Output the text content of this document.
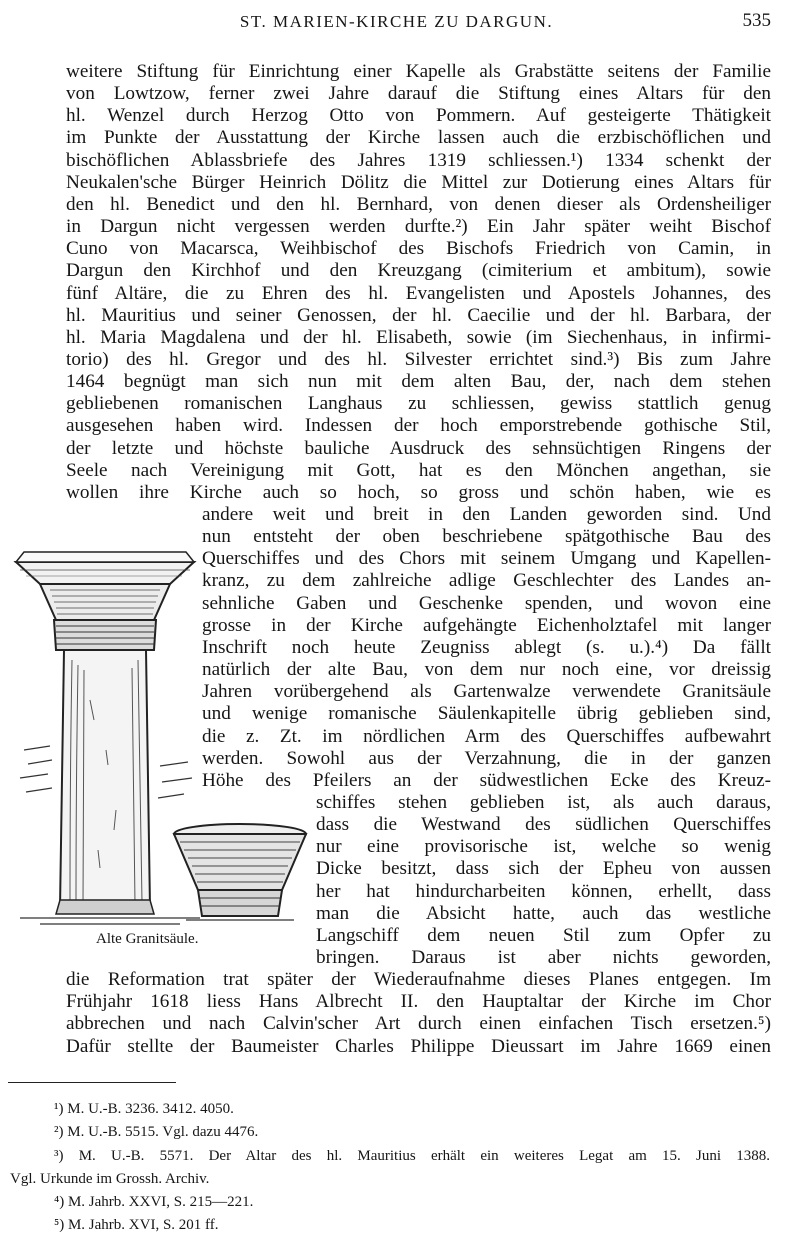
ST. MARIEN-KIRCHE ZU DARGUN.	535
weitere Stiftung für Einrichtung einer Kapelle als Grabstätte seitens der Familie
von Lowtzow, ferner zwei Jahre darauf die Stiftung eines Altars für den
hl. Wenzel durch Herzog Otto von Pommern. Auf gesteigerte Thätigkeit
im Punkte der Ausstattung der Kirche lassen auch die erzbischöflichen und
bischöflichen Ablassbriefe des Jahres 1319 schliessen.¹) 1334 schenkt der
Neukalen'sche Bürger Heinrich Dölitz die Mittel zur Dotierung eines Altars für
den hl. Benedict und den hl. Bernhard, von denen dieser als Ordensheiliger
in Dargun nicht vergessen werden durfte.²) Ein Jahr später weiht Bischof
Cuno von Macarsca, Weihbischof des Bischofs Friedrich von Camin, in
Dargun den Kirchhof und den Kreuzgang (cimiterium et ambitum), sowie
fünf Altäre, die zu Ehren des hl. Evangelisten und Apostels Johannes, des
hl. Mauritius und seiner Genossen, der hl. Caecilie und der hl. Barbara, der
hl. Maria Magdalena und der hl. Elisabeth, sowie (im Siechenhaus, in infirmi-
torio) des hl. Gregor und des hl. Silvester errichtet sind.³) Bis zum Jahre
1464 begnügt man sich nun mit dem alten Bau, der, nach dem stehen
gebliebenen romanischen Langhaus zu schliessen, gewiss stattlich genug
ausgesehen haben wird. Indessen der hoch emporstrebende gothische Stil,
der letzte und höchste bauliche Ausdruck des sehnsüchtigen Ringens der
Seele nach Vereinigung mit Gott, hat es den Mönchen angethan, sie
wollen ihre Kirche auch so hoch, so gross und schön haben, wie es
andere weit und breit in den Landen geworden sind. Und
nun entsteht der oben beschriebene spätgothische Bau des
Querschiffes und des Chors mit seinem Umgang und Kapellen-
kranz, zu dem zahlreiche adlige Geschlechter des Landes an-
sehnliche Gaben und Geschenke spenden, und wovon eine
grosse in der Kirche aufgehängte Eichenholztafel mit langer
Inschrift noch heute Zeugniss ablegt (s. u.).⁴) Da fällt
natürlich der alte Bau, von dem nur noch eine, vor dreissig
Jahren vorübergehend als Gartenwalze verwendete Granitsäule
und wenige romanische Säulenkapitelle übrig geblieben sind,
die z. Zt. im nördlichen Arm des Querschiffes aufbewahrt
werden. Sowohl aus der Verzahnung, die in der ganzen
Höhe des Pfeilers an der südwestlichen Ecke des Kreuz-
schiffes stehen geblieben ist, als auch daraus,
dass die Westwand des südlichen Querschiffes
nur eine provisorische ist, welche so wenig
Dicke besitzt, dass sich der Epheu von aussen
her hat hindurcharbeiten können, erhellt, dass
man die Absicht hatte, auch das westliche
Langschiff dem neuen Stil zum Opfer zu
bringen. Daraus ist aber nichts geworden,
die Reformation trat später der Wiederaufnahme dieses Planes entgegen. Im
Frühjahr 1618 liess Hans Albrecht II. den Hauptaltar der Kirche im Chor
abbrechen und nach Calvin'scher Art durch einen einfachen Tisch ersetzen.⁵)
Dafür stellte der Baumeister Charles Philippe Dieussart im Jahre 1669 einen
Alte Granitsäule.
¹) M. U.-B. 3236. 3412. 4050.
²) M. U.-B. 5515. Vgl. dazu 4476.
³) M. U.-B. 5571. Der Altar des hl. Mauritius erhält ein weiteres Legat am 15. Juni 1388.
Vgl. Urkunde im Grossh. Archiv.
⁴) M. Jahrb. XXVI, S. 215—221.
⁵) M. Jahrb. XVI, S. 201 ff.
